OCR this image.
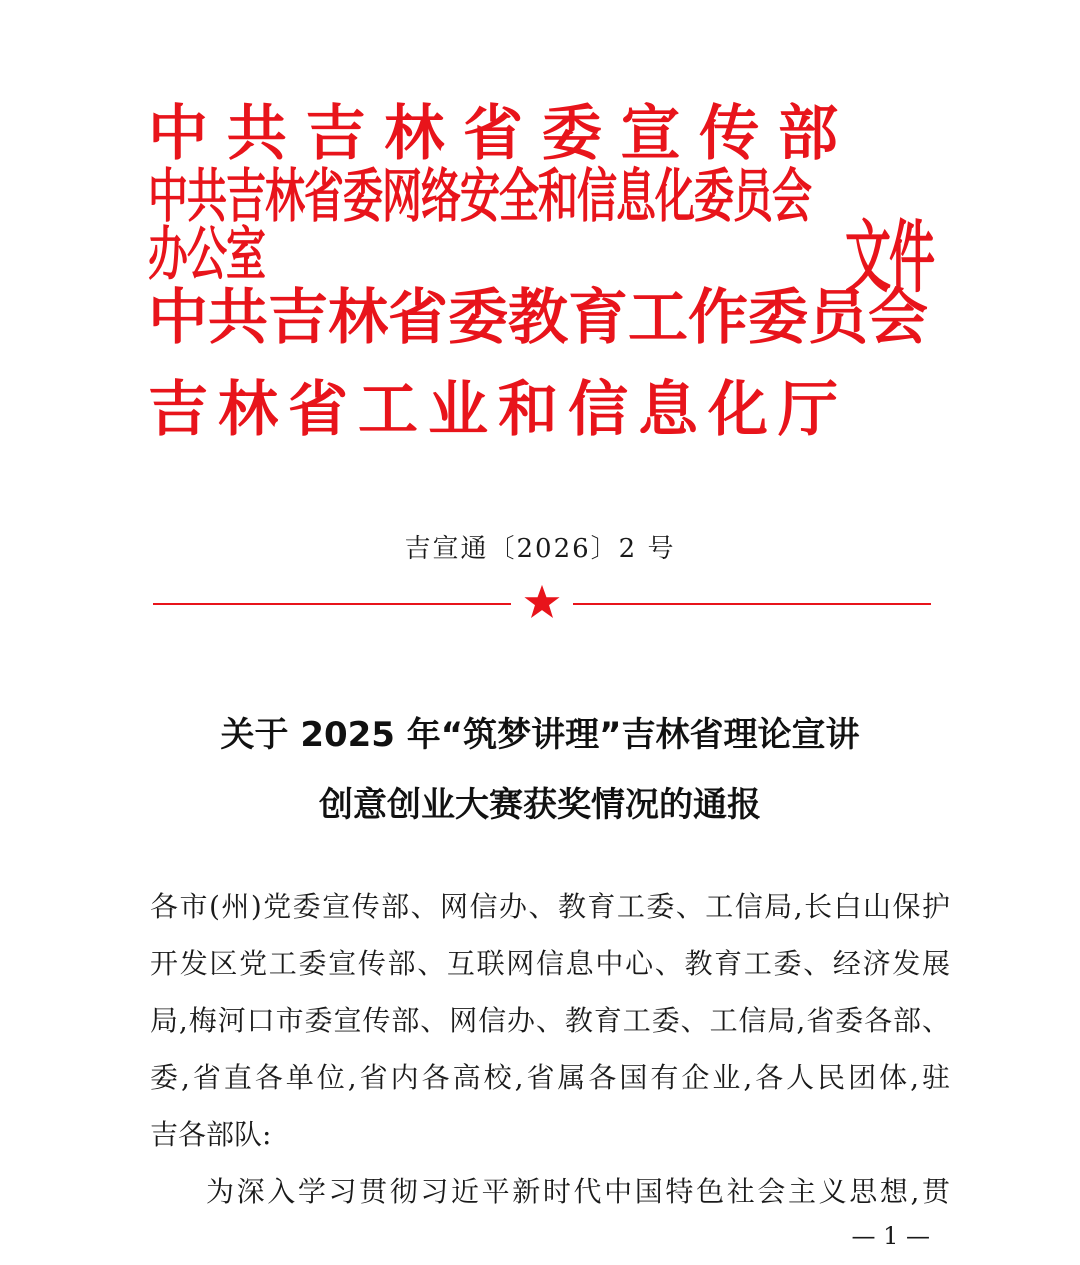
中 共 吉 林 省 委 宣 传 部
中共吉林省委网络安全和信息化委员会办公室
中 共 吉 林 省 委 教 育 工 作 委 员 会
吉 林 省 工 业 和 信 息 化 厅
文件
吉宣通〔2026〕2 号
关于 2025 年“筑梦讲理”吉林省理论宣讲
创意创业大赛获奖情况的通报
各市(州)党委宣传部、网信办、教育工委、工信局,长白山保护
开发区党工委宣传部、互联网信息中心、教育工委、经济发展
局,梅河口市委宣传部、网信办、教育工委、工信局,省委各部、
委,省直各单位,省内各高校,省属各国有企业,各人民团体,驻
吉各部队:
为深入学习贯彻习近平新时代中国特色社会主义思想,贯
— 1 —
